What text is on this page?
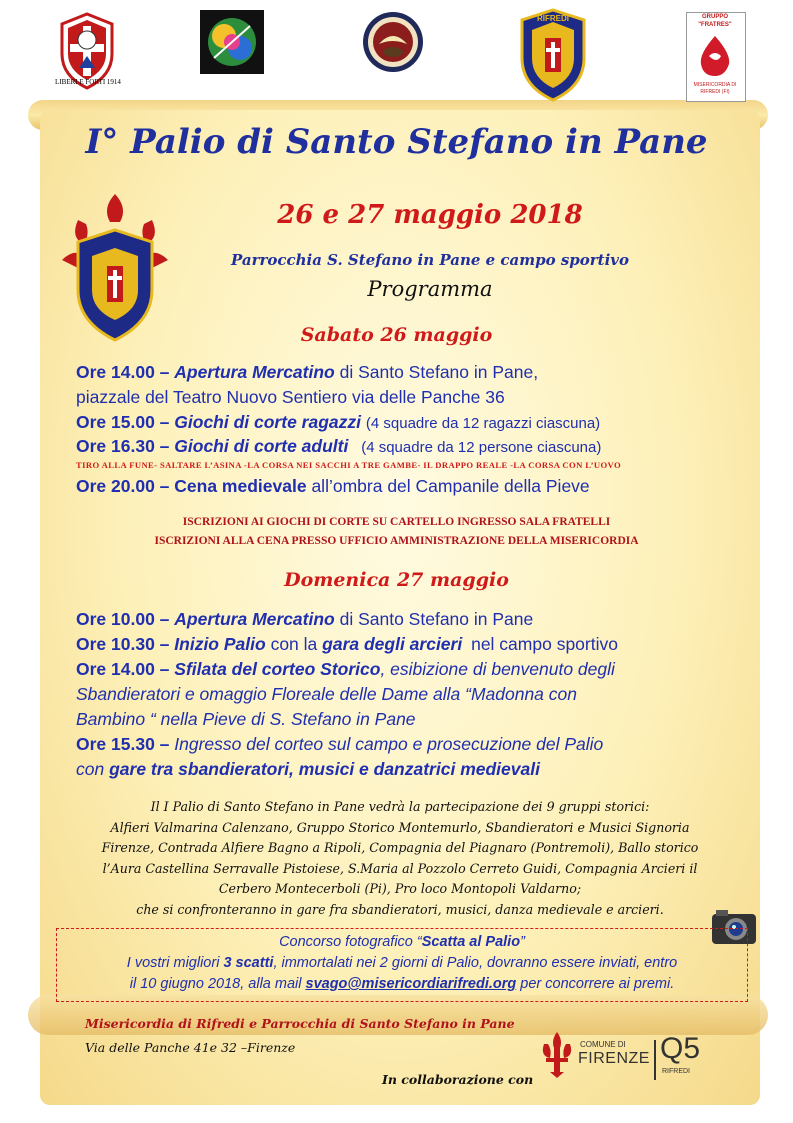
LIBERI E FORTI 1914
RIFREDI	GRUPPO
"FRATRES"
MISERICORDIA DI RIFREDI (FI)
I° Palio di Santo Stefano in Pane
26 e 27 maggio 2018
Parrocchia S. Stefano in Pane e campo sportivo
Programma
Sabato 26 maggio
Ore 14.00 – Apertura Mercatino di Santo Stefano in Pane,
piazzale del Teatro Nuovo Sentiero via delle Panche 36
Ore 15.00 – Giochi di corte ragazzi (4 squadre da 12 ragazzi ciascuna)
Ore 16.30 – Giochi di corte adulti (4 squadre da 12 persone ciascuna)
TIRO ALLA FUNE- SALTARE L’ASINA -LA CORSA NEI SACCHI A TRE GAMBE- IL DRAPPO REALE -LA CORSA CON L’UOVO
Ore 20.00 – Cena medievale all’ombra del Campanile della Pieve
ISCRIZIONI AI GIOCHI DI CORTE SU CARTELLO INGRESSO SALA FRATELLI
ISCRIZIONI ALLA CENA PRESSO UFFICIO AMMINISTRAZIONE DELLA MISERICORDIA
Domenica 27 maggio
Ore 10.00 – Apertura Mercatino di Santo Stefano in Pane
Ore 10.30 – Inizio Palio con la gara degli arcieri nel campo sportivo
Ore 14.00 – Sfilata del corteo Storico, esibizione di benvenuto degli
Sbandieratori e omaggio Floreale delle Dame alla “Madonna con
Bambino “ nella Pieve di S. Stefano in Pane
Ore 15.30 – Ingresso del corteo sul campo e prosecuzione del Palio
con gare tra sbandieratori, musici e danzatrici medievali
Il I Palio di Santo Stefano in Pane vedrà la partecipazione dei 9 gruppi storici:
Alfieri Valmarina Calenzano, Gruppo Storico Montemurlo, Sbandieratori e Musici Signoria
Firenze, Contrada Alfiere Bagno a Ripoli, Compagnia del Piagnaro (Pontremoli), Ballo storico
l’Aura Castellina Serravalle Pistoiese, S.Maria al Pozzolo Cerreto Guidi, Compagnia Arcieri il
Cerbero Montecerboli (Pi), Pro loco Montopoli Valdarno;
che si confronteranno in gare fra sbandieratori, musici, danza medievale e arcieri.
Concorso fotografico “Scatta al Palio”
I vostri migliori 3 scatti, immortalati nei 2 giorni di Palio, dovranno essere inviati, entro
il 10 giugno 2018, alla mail svago@misericordiarifredi.org per concorrere ai premi.
Misericordia di Rifredi e Parrocchia di Santo Stefano in Pane
Via delle Panche 41e 32 –Firenze
In collaborazione con
COMUNE DI
FIRENZE Q5
RIFREDI
